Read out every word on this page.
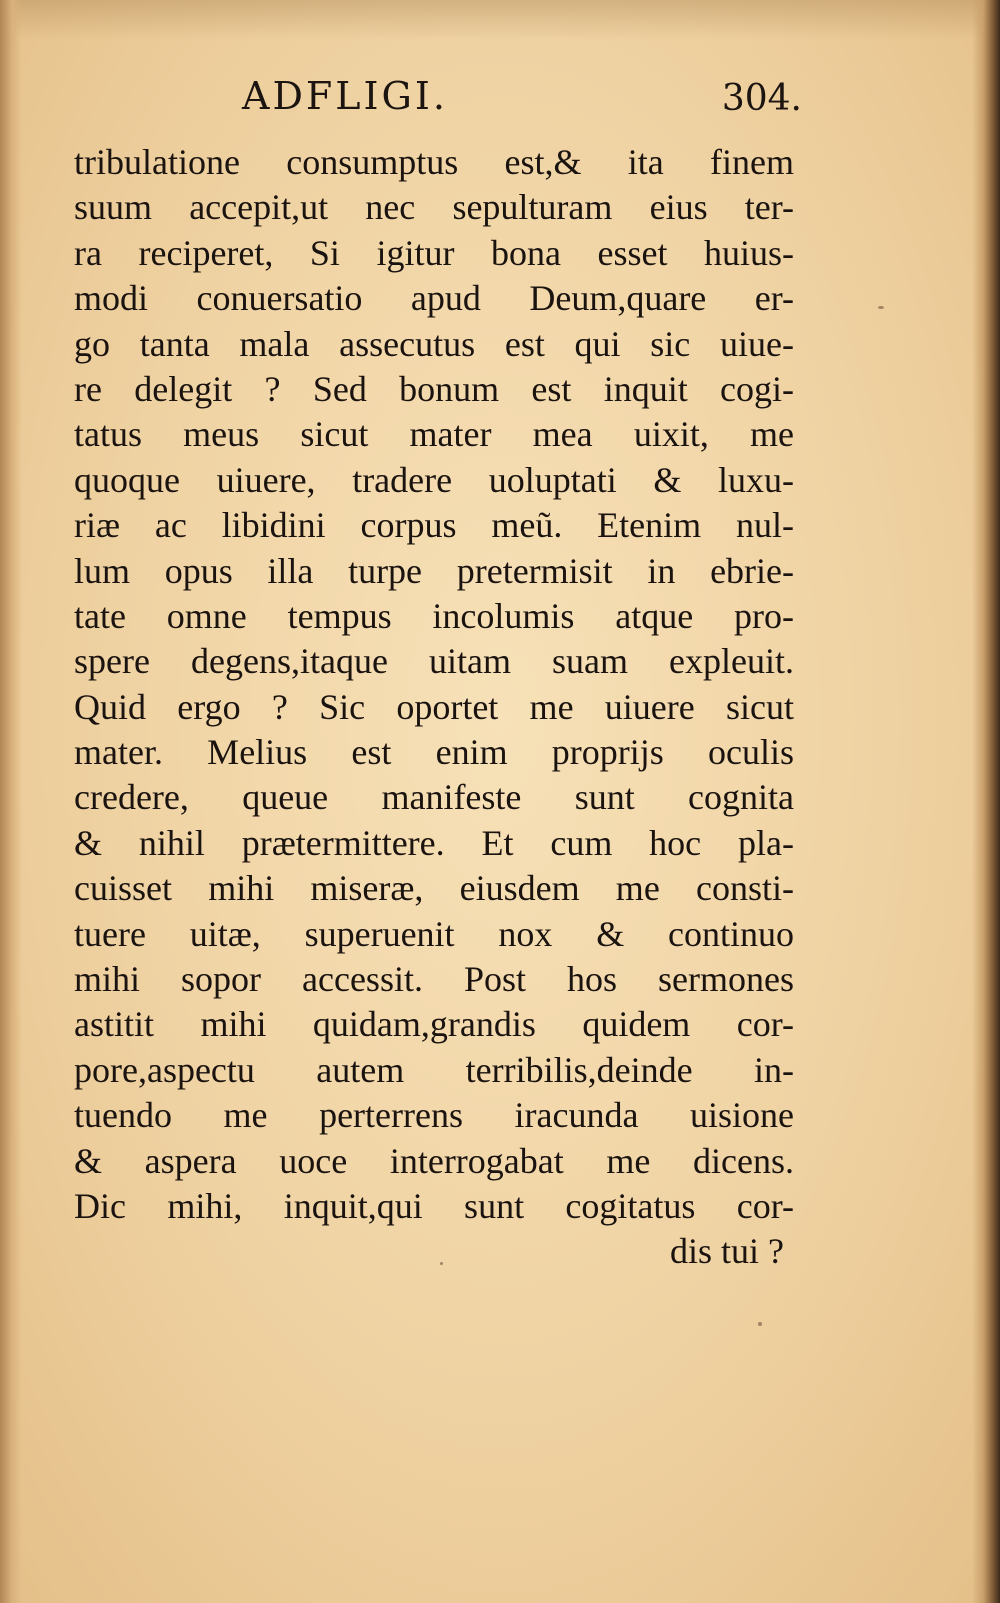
ADFLIGI.	304.
tribulatione consumptus est,& ita finem
suum accepit,ut nec sepulturam eius ter-
ra reciperet, Si igitur bona esset huius-
modi conuersatio apud Deum,quare er-
go tanta mala assecutus est qui sic uiue-
re delegit ? Sed bonum est inquit cogi-
tatus meus sicut mater mea uixit, me
quoque uiuere, tradere uoluptati & luxu-
riæ ac libidini corpus meũ. Etenim nul-
lum opus illa turpe pretermisit in ebrie-
tate omne tempus incolumis atque pro-
spere degens,itaque uitam suam expleuit.
Quid ergo ? Sic oportet me uiuere sicut
mater. Melius est enim proprijs oculis
credere, queue manifeste sunt cognita
& nihil prætermittere. Et cum hoc pla-
cuisset mihi miseræ, eiusdem me consti-
tuere uitæ, superuenit nox & continuo
mihi sopor accessit. Post hos sermones
astitit mihi quidam,grandis quidem cor-
pore,aspectu autem terribilis,deinde in-
tuendo me perterrens iracunda uisione
& aspera uoce interrogabat me dicens.
Dic mihi, inquit,qui sunt cogitatus cor-
dis tui ?
